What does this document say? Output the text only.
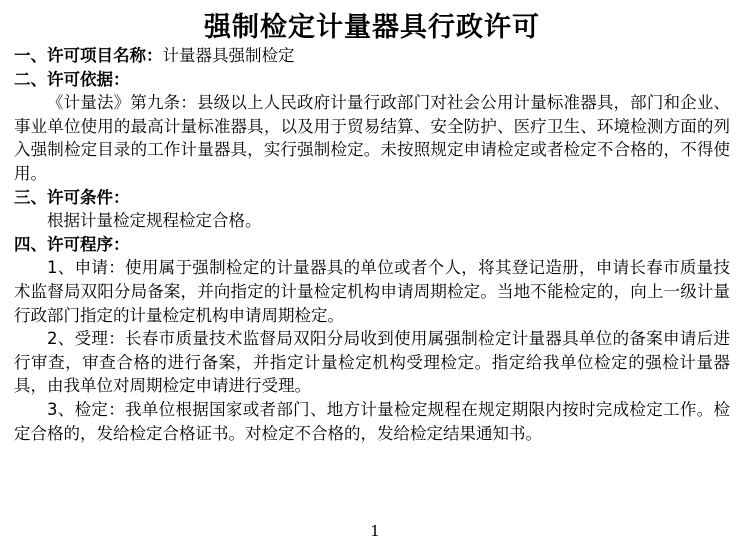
强制检定计量器具行政许可
一、许可项目名称：计量器具强制检定
二、许可依据：

《计量法》第九条：县级以上人民政府计量行政部门对社会公用计量标准器具，部门和企业、事业单位使用的最高计量标准器具，以及用于贸易结算、安全防护、医疗卫生、环境检测方面的列入强制检定目录的工作计量器具，实行强制检定。未按照规定申请检定或者检定不合格的，不得使用。

三、许可条件：

根据计量检定规程检定合格。

四、许可程序：

1、申请：使用属于强制检定的计量器具的单位或者个人，将其登记造册，申请长春市质量技术监督局双阳分局备案，并向指定的计量检定机构申请周期检定。当地不能检定的，向上一级计量行政部门指定的计量检定机构申请周期检定。

2、受理：长春市质量技术监督局双阳分局收到使用属强制检定计量器具单位的备案申请后进行审查，审查合格的进行备案，并指定计量检定机构受理检定。指定给我单位检定的强检计量器具，由我单位对周期检定申请进行受理。

3、检定：我单位根据国家或者部门、地方计量检定规程在规定期限内按时完成检定工作。检定合格的，发给检定合格证书。对检定不合格的，发给检定结果通知书。

1
